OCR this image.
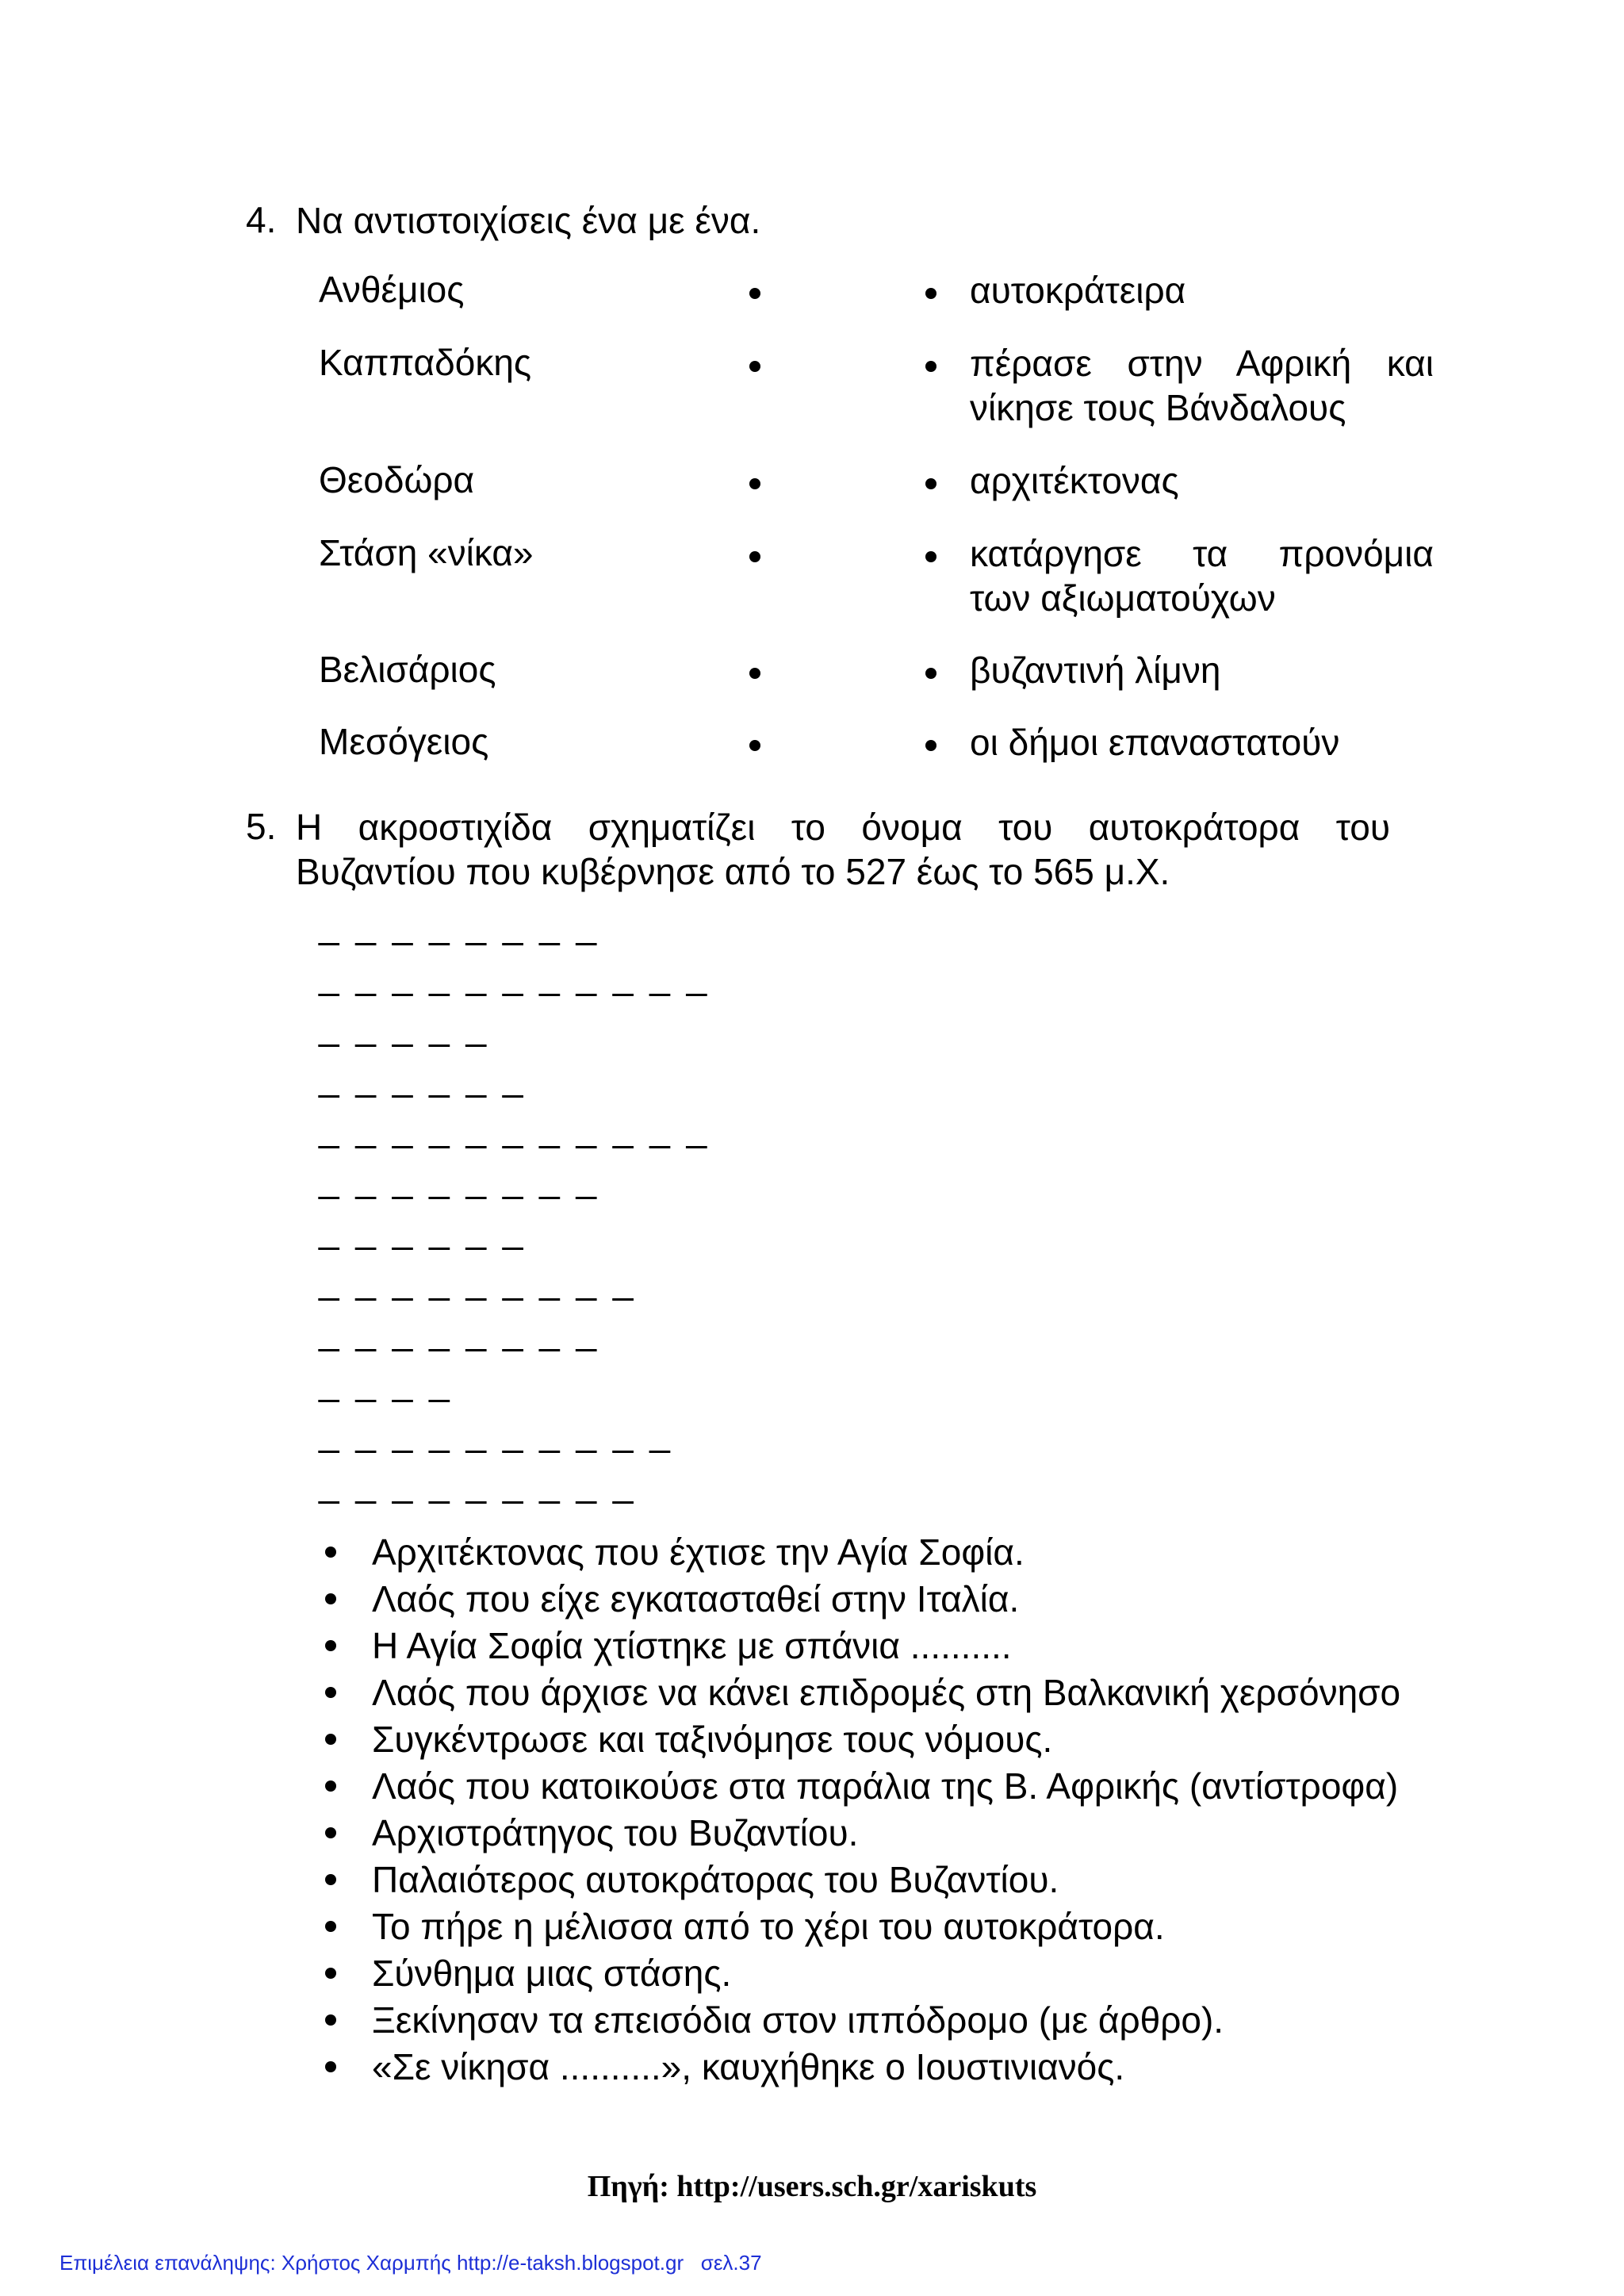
4. Να αντιστοιχίσεις ένα με ένα.
Ανθέμιος	αυτοκράτειρα
Καππαδόκης	πέρασε στην Αφρική και
νίκησε τους Βάνδαλους
Θεοδώρα	αρχιτέκτονας
Στάση «νίκα»	κατάργησε τα προνόμια
των αξιωματούχων
Βελισάριος	βυζαντινή λίμνη
Μεσόγειος	οι δήμοι επαναστατούν
5. Η ακροστιχίδα σχηματίζει το όνομα του αυτοκράτορα του
Βυζαντίου που κυβέρνησε από το 527 έως το 565 μ.Χ.
_ _ _ _ _ _ _ _
_ _ _ _ _ _ _ _ _ _ _
_ _ _ _ _
_ _ _ _ _ _
_ _ _ _ _ _ _ _ _ _ _
_ _ _ _ _ _ _ _
_ _ _ _ _ _
_ _ _ _ _ _ _ _ _
_ _ _ _ _ _ _ _
_ _ _ _
_ _ _ _ _ _ _ _ _ _
_ _ _ _ _ _ _ _ _
Αρχιτέκτονας που έχτισε την Αγία Σοφία.
Λαός που είχε εγκατασταθεί στην Ιταλία.
Η Αγία Σοφία χτίστηκε με σπάνια ..........
Λαός που άρχισε να κάνει επιδρομές στη Βαλκανική χερσόνησο
Συγκέντρωσε και ταξινόμησε τους νόμους.
Λαός που κατοικούσε στα παράλια της Β. Αφρικής (αντίστροφα)
Αρχιστράτηγος του Βυζαντίου.
Παλαιότερος αυτοκράτορας του Βυζαντίου.
Το πήρε η μέλισσα από το χέρι του αυτοκράτορα.
Σύνθημα μιας στάσης.
Ξεκίνησαν τα επεισόδια στον ιππόδρομο (με άρθρο).
«Σε νίκησα ..........», καυχήθηκε ο Ιουστινιανός.
Πηγή: http://users.sch.gr/xariskuts
Επιμέλεια επανάληψης: Χρήστος Χαρμπής http://e-taksh.blogspot.gr   σελ.37
